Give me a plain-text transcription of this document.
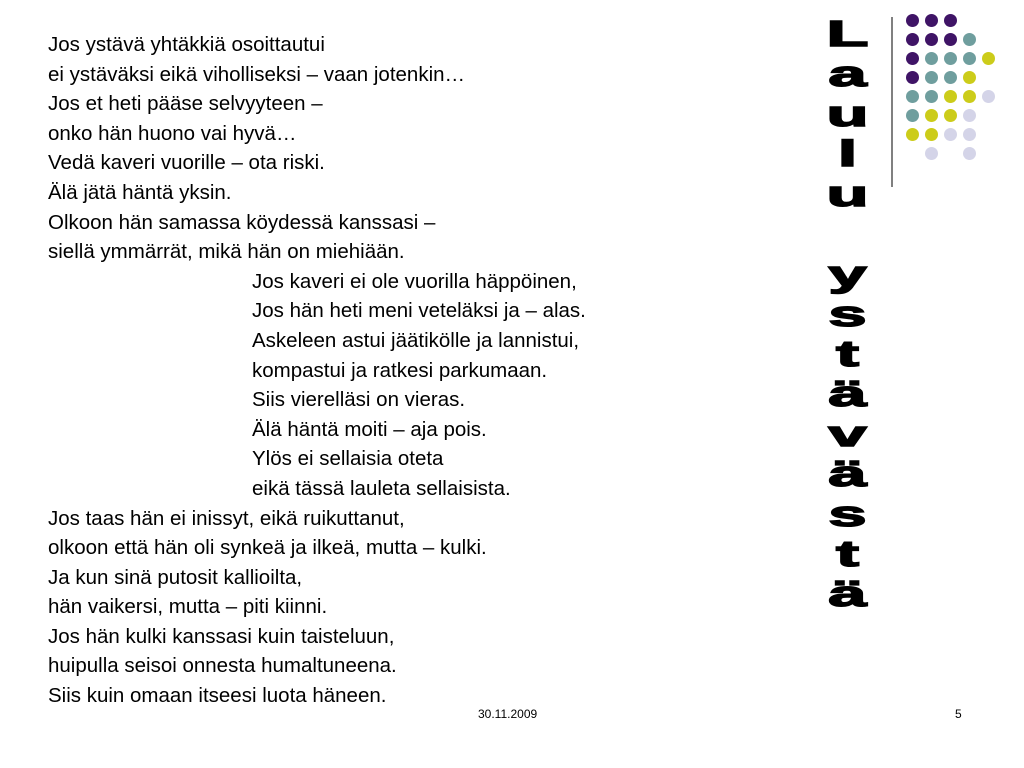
Jos ystävä yhtäkkiä osoittautui
ei ystäväksi eikä viholliseksi – vaan jotenkin…
Jos et heti pääse selvyyteen –
onko hän huono vai hyvä…
Vedä kaveri vuorille – ota riski.
Älä jätä häntä yksin.
Olkoon hän samassa köydessä kanssasi –
siellä ymmärrät, mikä hän on miehiään.
Jos kaveri ei ole vuorilla häppöinen,
Jos hän heti meni veteläksi ja – alas.
Askeleen astui jäätikölle ja lannistui,
kompastui ja ratkesi parkumaan.
Siis vierelläsi on vieras.
Älä häntä moiti – aja pois.
Ylös ei sellaisia oteta
eikä tässä lauleta sellaisista.
Jos taas hän ei inissyt, eikä ruikuttanut,
olkoon että hän oli synkeä ja ilkeä, mutta – kulki.
Ja kun sinä putosit kallioilta,
hän vaikersi, mutta – piti kiinni.
Jos hän kulki kanssasi kuin taisteluun,
huipulla seisoi onnesta humaltuneena.
Siis kuin omaan itseesi luota häneen.
L
a
u
l
u

y
s
t
ä
v
ä
s
t
ä
30.11.2009	5
